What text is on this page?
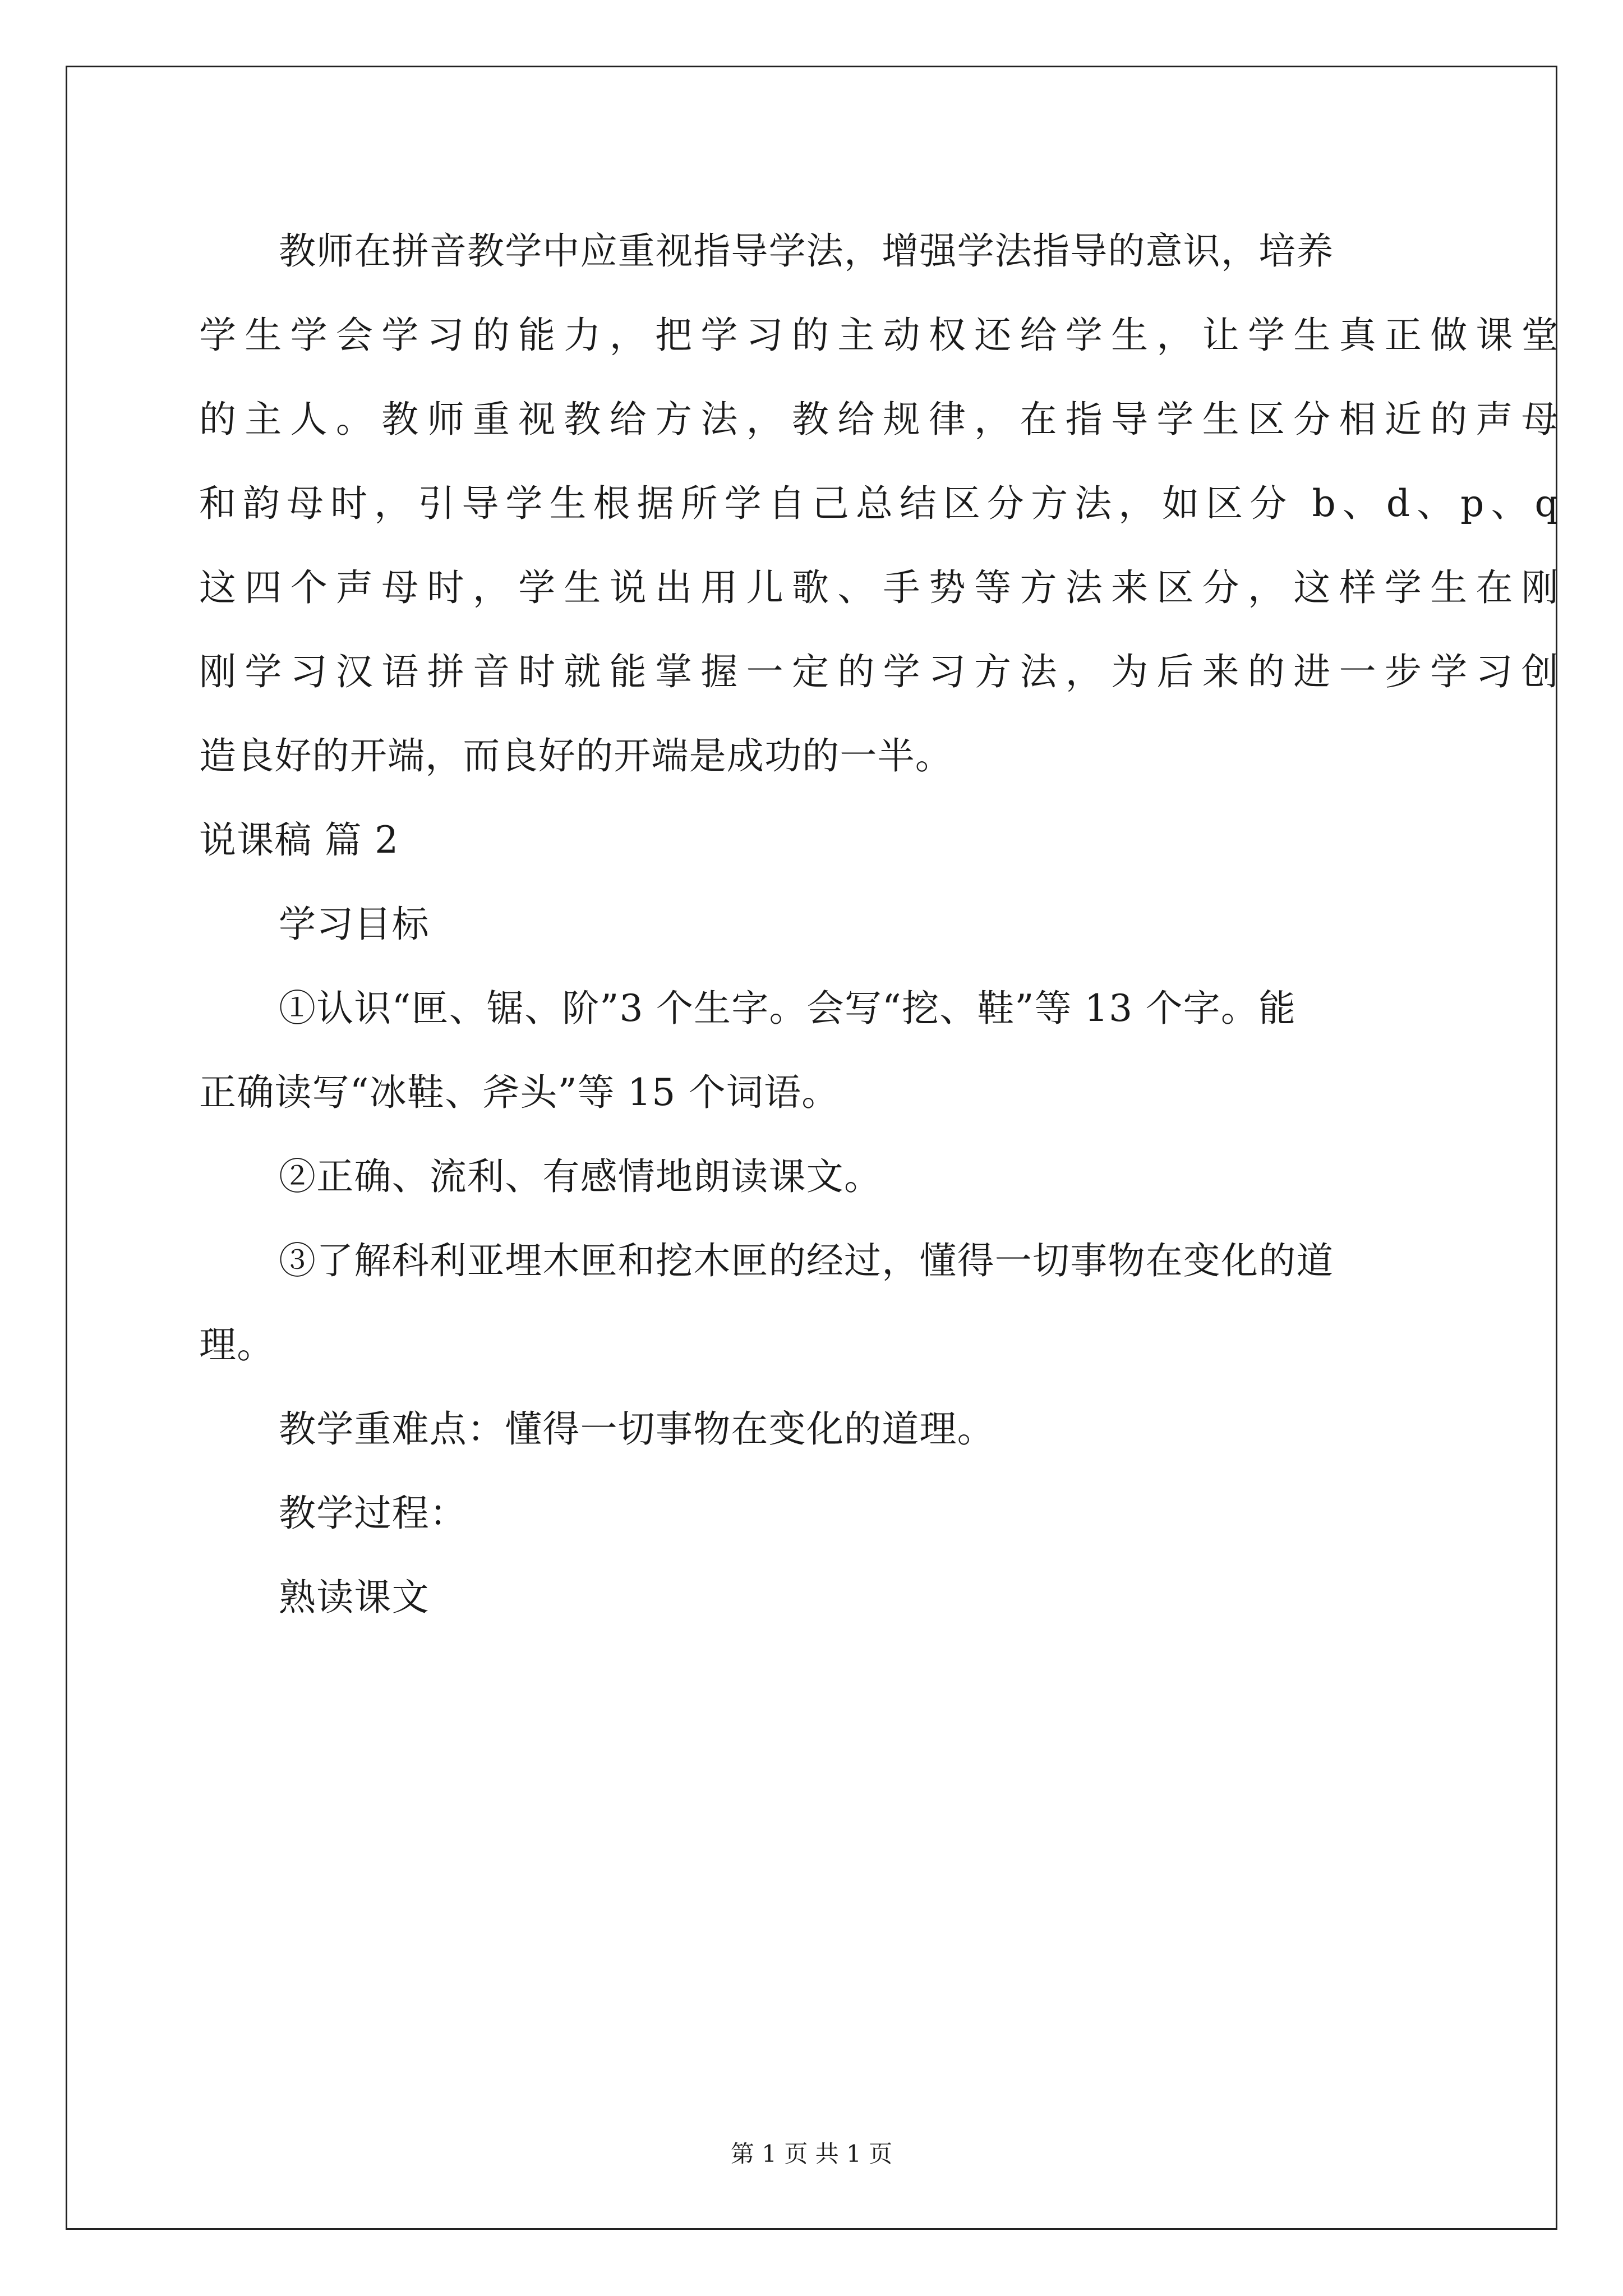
教师在拼音教学中应重视指导学法，增强学法指导的意识，培养
学生学会学习的能力，把学习的主动权还给学生，让学生真正做课堂
的主人。教师重视教给方法，教给规律，在指导学生区分相近的声母
和韵母时，引导学生根据所学自己总结区分方法，如区分 b、d、p、q
这四个声母时，学生说出用儿歌、手势等方法来区分，这样学生在刚
刚学习汉语拼音时就能掌握一定的学习方法，为后来的进一步学习创
造良好的开端，而良好的开端是成功的一半。
说课稿 篇 2
学习目标
①认识“匣、锯、阶”3 个生字。会写“挖、鞋”等 13 个字。能
正确读写“冰鞋、斧头”等 15 个词语。
②正确、流利、有感情地朗读课文。
③了解科利亚埋木匣和挖木匣的经过，懂得一切事物在变化的道
理。
教学重难点：懂得一切事物在变化的道理。
教学过程：
熟读课文
第 1 页 共 1 页
